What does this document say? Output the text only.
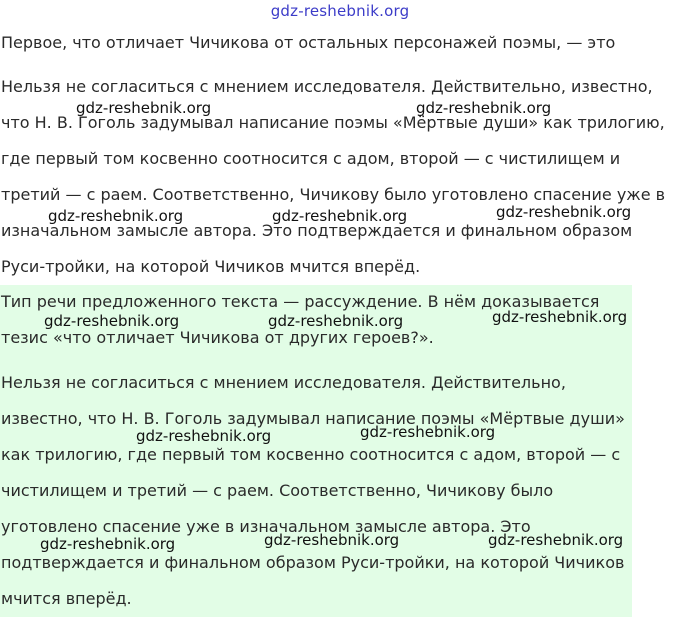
gdz-reshebnik.org
Первое, что отличает Чичикова от остальных персонажей поэмы, — это
Нельзя не согласиться с мнением исследователя. Действительно, известно,
что Н. В. Гоголь задумывал написание поэмы «Мёртвые души» как трилогию,
где первый том косвенно соотносится с адом, второй — с чистилищем и
третий — с раем. Соответственно, Чичикову было уготовлено спасение уже в
изначальном замысле автора. Это подтверждается и финальном образом
Руси-тройки, на которой Чичиков мчится вперёд.
Тип речи предложенного текста — рассуждение. В нём доказывается
тезис «что отличает Чичикова от других героев?».
Нельзя не согласиться с мнением исследователя. Действительно,
известно, что Н. В. Гоголь задумывал написание поэмы «Мёртвые души»
как трилогию, где первый том косвенно соотносится с адом, второй — с
чистилищем и третий — с раем. Соответственно, Чичикову было
уготовлено спасение уже в изначальном замысле автора. Это
подтверждается и финальном образом Руси-тройки, на которой Чичиков
мчится вперёд.
gdz-reshebnik.org	gdz-reshebnik.org
gdz-reshebnik.org	gdz-reshebnik.org	gdz-reshebnik.org
gdz-reshebnik.org	gdz-reshebnik.org	gdz-reshebnik.org
gdz-reshebnik.org	gdz-reshebnik.org
gdz-reshebnik.org	gdz-reshebnik.org	gdz-reshebnik.org
